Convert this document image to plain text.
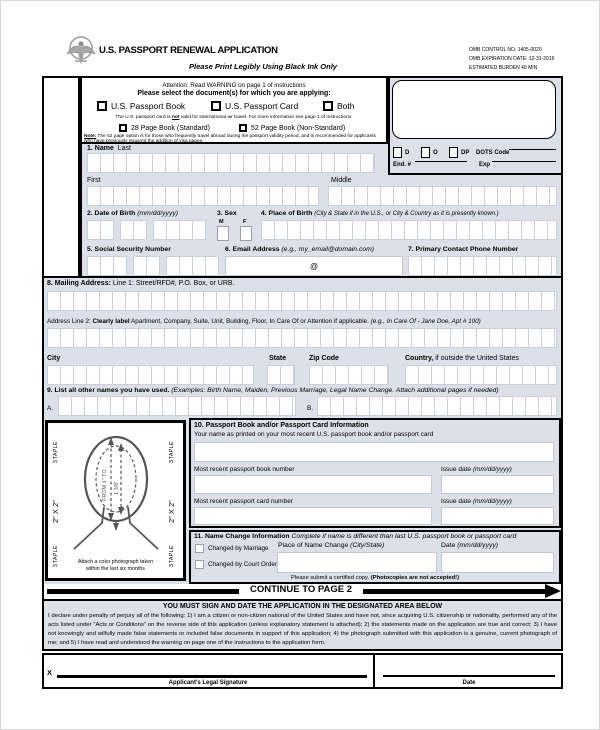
U.S. PASSPORT RENEWAL APPLICATION
Please Print Legibly Using Black Ink Only
OMB CONTROL NO. 1405-0020
OMB EXPIRATION DATE: 12-31-2016
ESTIMATED BURDEN 40 MIN
Attention: Read WARNING on page 1 of instructions
Please select the document(s) for which you are applying:
U.S. Passport Book	U.S. Passport Card	Both
The U.S. passport card is not valid for international air travel. For more information see page 1 of instructions.
28 Page Book (Standard)	52 Page Book (Non-Standard)
Note: The 52 page option is for those who frequently travel abroad during the passport validity period, and is recommended for applicants who have previously required the addition of visa pages.
D	O	DP DOTS Code
End. #	Exp
1. Name Last
First	Middle
2. Date of Birth (mm/dd/yyyy)	3. Sex
M	F
4. Place of Birth (City & State if in the U.S., or City & Country as it is presently known.)
5. Social Security Number	6. Email Address (e.g., my_email@domain.com)
@
7. Primary Contact Phone Number
8. Mailing Address: Line 1: Street/RFD#, P.O. Box, or URB.
Address Line 2: Clearly label Apartment, Company, Suite, Unit, Building, Floor, In Care Of or Attention if applicable. (e.g., In Care Of - Jane Doe, Apt # 100)
City	State	Zip Code	Country, if outside the United States
9. List all other names you have used. (Examples: Birth Name, Maiden, Previous Marriage, Legal Name Change. Attach additional pages if needed)
A.	B.
STAPLE
2" X 2"
STAPLE
STAPLE
2" X 2"
STAPLE
FROM 1" TO 1 3/8"
Attach a color photograph taken
within the last six months
10. Passport Book and/or Passport Card Information
Your name as printed on your most recent U.S. passport book and/or passport card
Most recent passport book number	Issue date (mm/dd/yyyy)
Most recent passport card number	Issue date (mm/dd/yyyy)
11. Name Change Information Complete if name is different than last U.S. passport book or passport card
Changed by Marriage
Changed by Court Order
Place of Name Change (City/State)	Date (mm/dd/yyyy)
Please submit a certified copy. (Photocopies are not accepted!)
CONTINUE TO PAGE 2
YOU MUST SIGN AND DATE THE APPLICATION IN THE DESIGNATED AREA BELOW
I declare under penalty of perjury all of the following: 1) I am a citizen or non-citizen national of the United States and have not, since acquiring U.S. citizenship or nationality, performed any of the acts listed under "Acts or Conditions" on the reverse side of this application (unless explanatory statement is attached); 2) the statements made on the application are true and correct; 3) I have not knowingly and wilfully made false statements or included false documents in support of this application; 4) the photograph submitted with this application is a genuine, current photograph of me; and 5) I have read and understood the warning on page one of the instructions to the application form.
X
Applicant's Legal Signature	Date
